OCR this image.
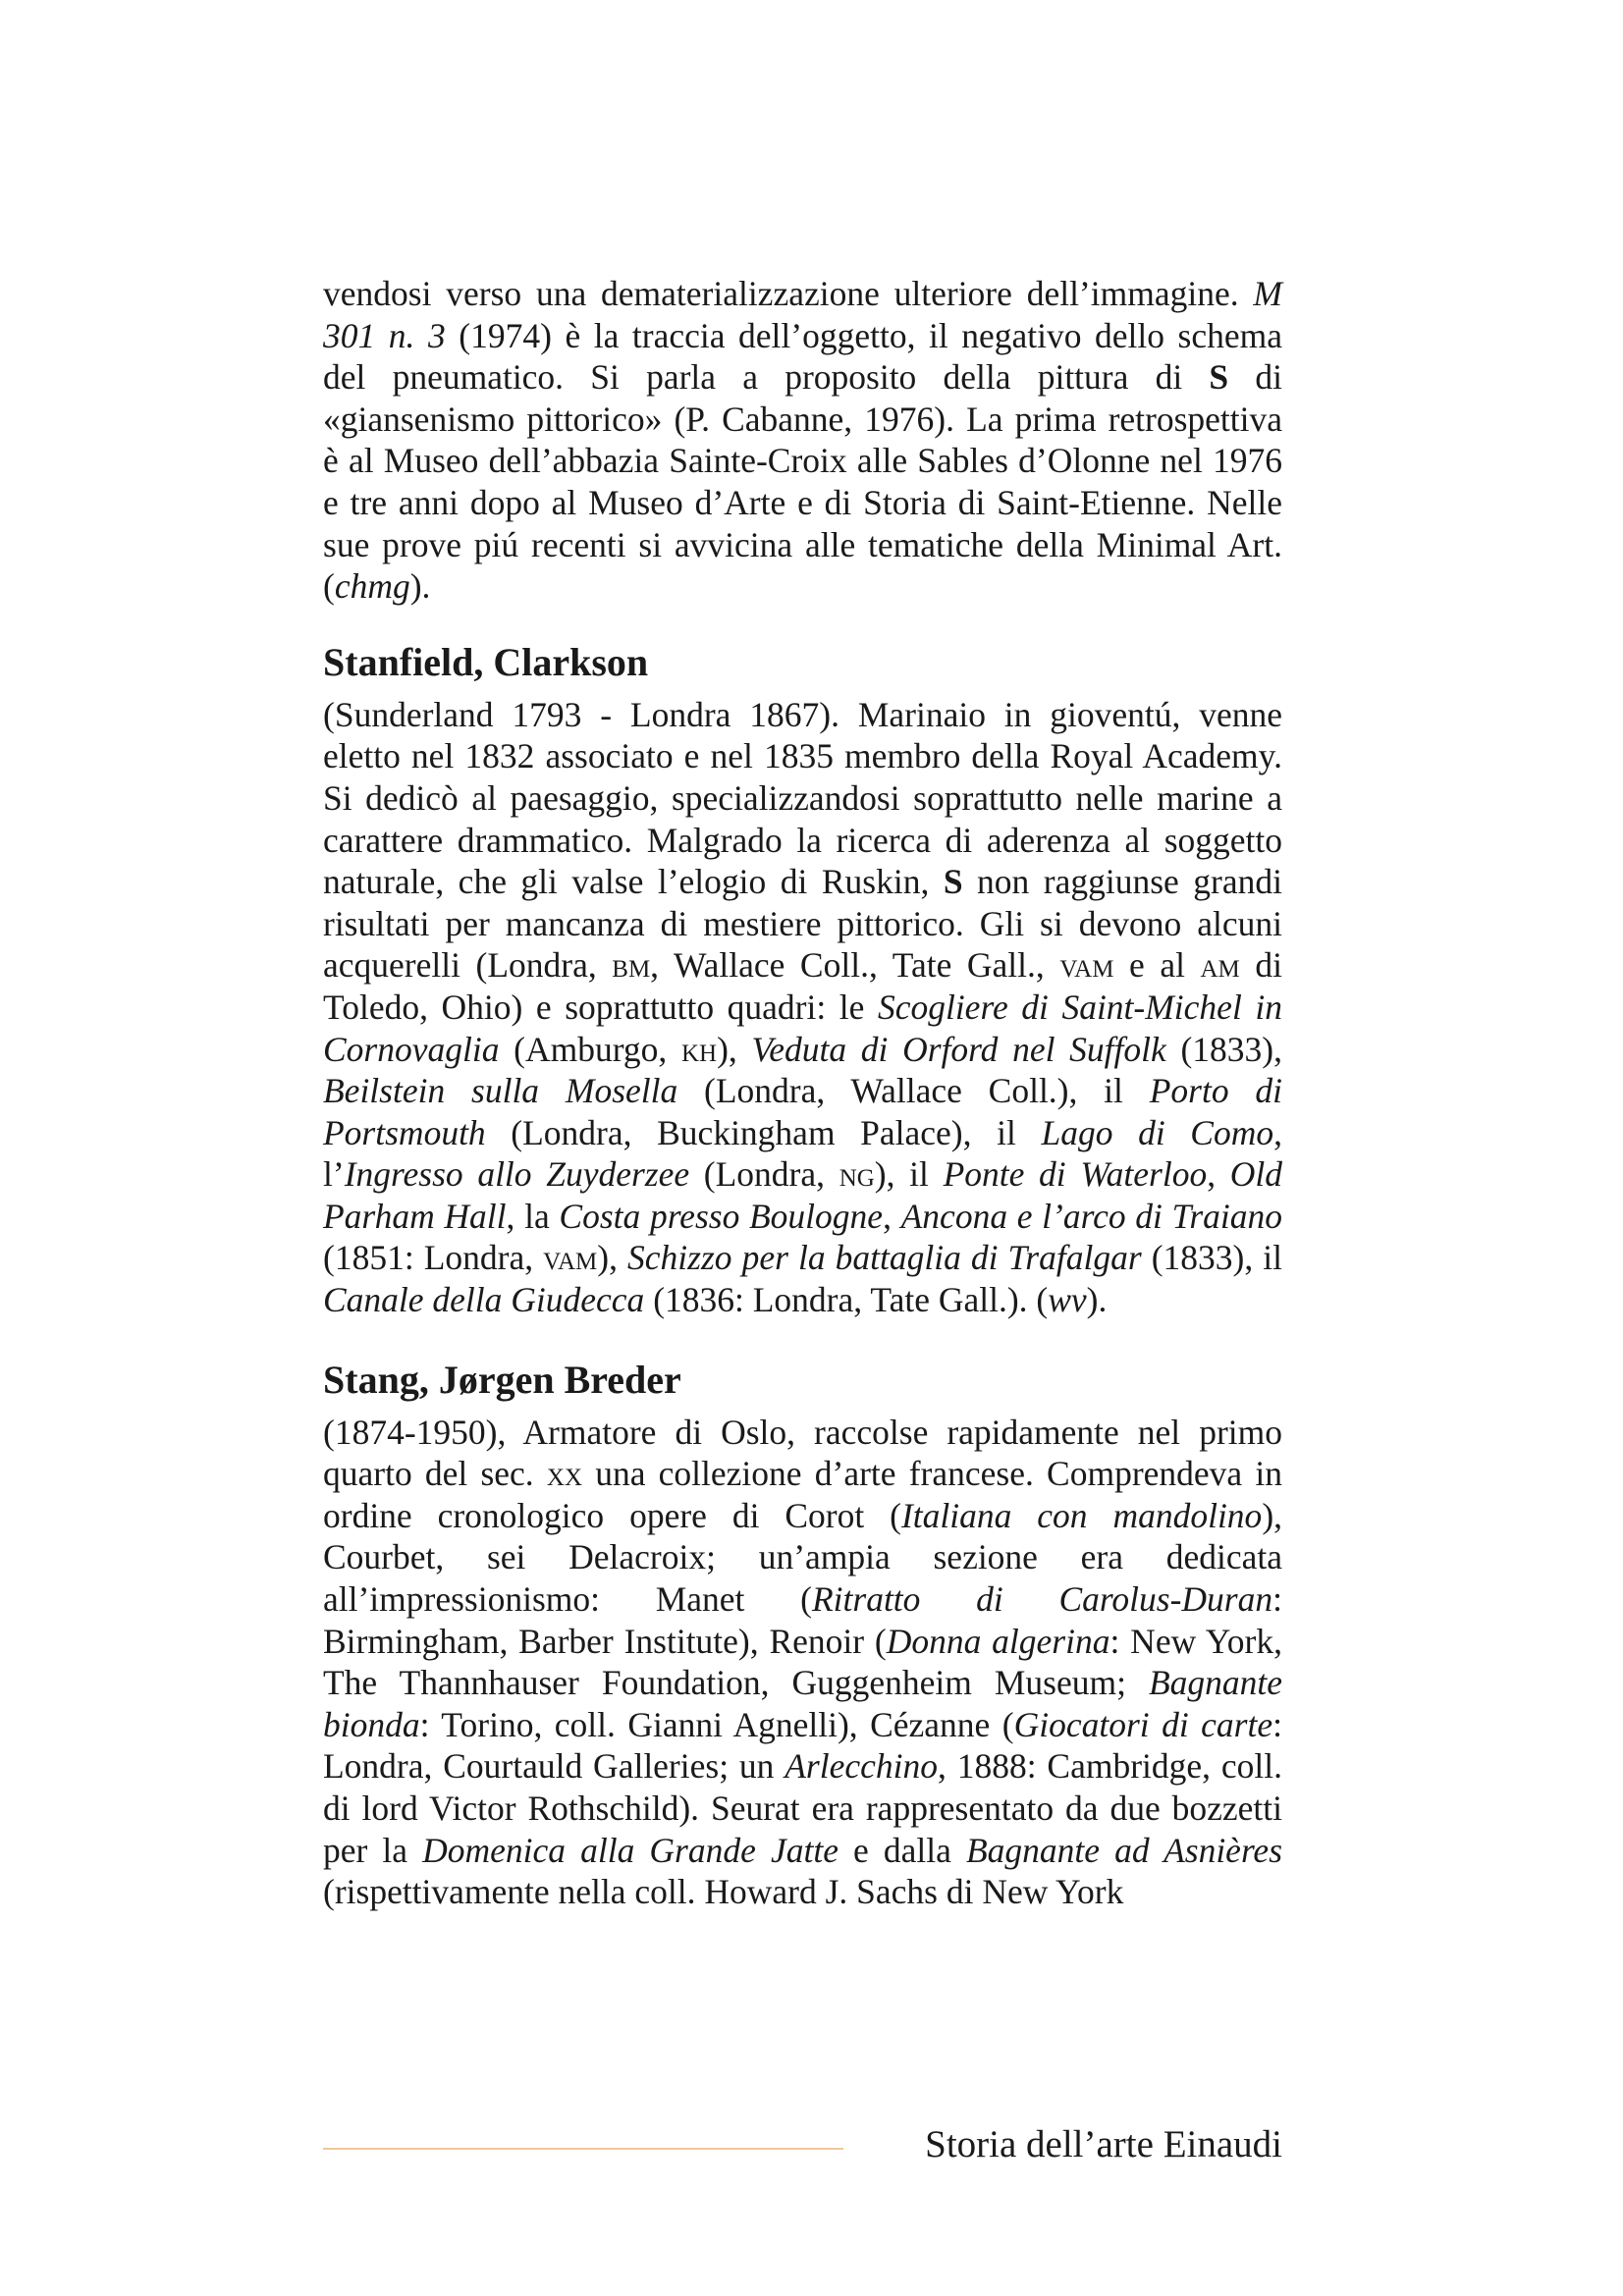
vendosi verso una dematerializzazione ulteriore dell’immagine. M 301 n. 3 (1974) è la traccia dell’oggetto, il negativo dello schema del pneumatico. Si parla a proposito della pittura di S di «giansenismo pittorico» (P. Cabanne, 1976). La prima retrospettiva è al Museo dell’abbazia Sainte-Croix alle Sables d’Olonne nel 1976 e tre anni dopo al Museo d’Arte e di Storia di Saint-Etienne. Nelle sue prove piú recenti si avvicina alle tematiche della Minimal Art. (chmg).

Stanfield, Clarkson

(Sunderland 1793 - Londra 1867). Marinaio in gioventú, venne eletto nel 1832 associato e nel 1835 membro della Royal Academy. Si dedicò al paesaggio, specializzandosi soprattutto nelle marine a carattere drammatico. Malgrado la ricerca di aderenza al soggetto naturale, che gli valse l’elogio di Ruskin, S non raggiunse grandi risultati per mancanza di mestiere pittorico. Gli si devono alcuni acquerelli (Londra, bm, Wallace Coll., Tate Gall., vam e al am di Toledo, Ohio) e soprattutto quadri: le Scogliere di Saint-Michel in Cornovaglia (Amburgo, kh), Veduta di Orford nel Suffolk (1833), Beilstein sulla Mosella (Londra, Wallace Coll.), il Porto di Portsmouth (Londra, Buckingham Palace), il Lago di Como, l’Ingresso allo Zuyderzee (Londra, ng), il Ponte di Waterloo, Old Parham Hall, la Costa presso Boulogne, Ancona e l’arco di Traiano (1851: Londra, vam), Schizzo per la battaglia di Trafalgar (1833), il Canale della Giudecca (1836: Londra, Tate Gall.). (wv).

Stang, Jørgen Breder

(1874-1950), Armatore di Oslo, raccolse rapidamente nel primo quarto del sec. xx una collezione d’arte francese. Comprendeva in ordine cronologico opere di Corot (Italiana con mandolino), Courbet, sei Delacroix; un’ampia sezione era dedicata all’impressionismo: Manet (Ritratto di Carolus-Duran: Birmingham, Barber Institute), Renoir (Donna algerina: New York, The Thannhauser Foundation, Guggenheim Museum; Bagnante bionda: Torino, coll. Gianni Agnelli), Cézanne (Giocatori di carte: Londra, Courtauld Galleries; un Arlecchino, 1888: Cambridge, coll. di lord Victor Rothschild). Seurat era rappresentato da due bozzetti per la Domenica alla Grande Jatte e dalla Bagnante ad Asnières (rispettivamente nella coll. Howard J. Sachs di New York

Storia dell’arte Einaudi
